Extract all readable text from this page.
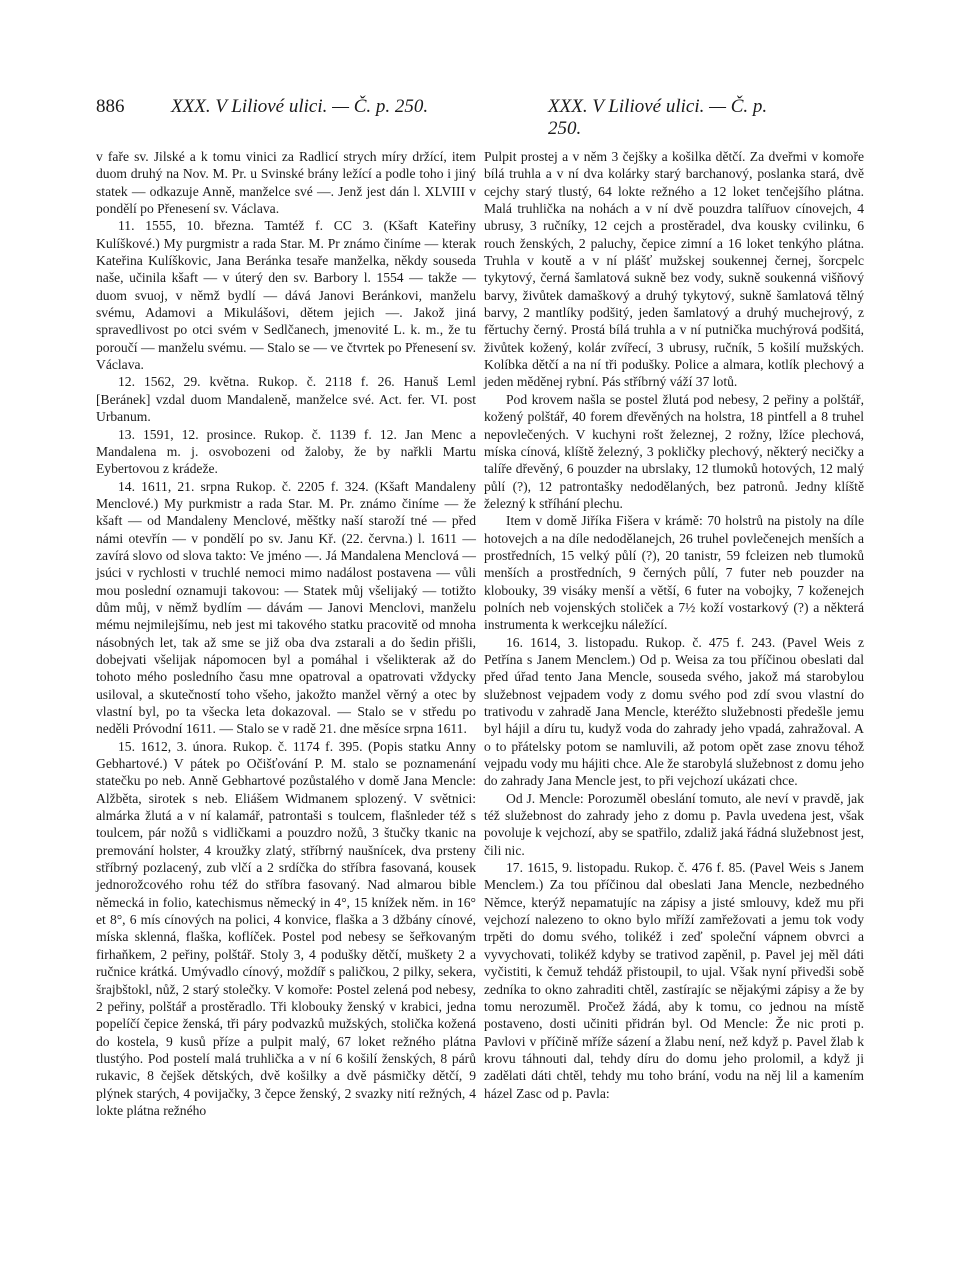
886 XXX. V Liliové ulici. — Č. p. 250.	XXX. V Liliové ulici. — Č. p. 250.

v faře sv. Jilské a k tomu vinici za Radlicí strych míry držící, item duom druhý na Nov. M. Pr. u Svinské brány ležící a podle toho i jiný statek — odkazuje Anně, manželce své —. Jenž jest dán l. XLVIII v pondělí po Přenesení sv. Václava.

11. 1555, 10. března. Tamtéž f. CC 3. (Kšaft Kateřiny Kulíškové.) My purgmistr a rada Star. M. Pr známo činíme — kterak Kateřina Kulíškovic, Jana Beránka tesaře manželka, někdy souseda naše, učinila kšaft — v úterý den sv. Barbory l. 1554 — takže — duom svuoj, v němž bydlí — dává Janovi Beránkovi, manželu svému, Adamovi a Mikulášovi, dětem jejich —. Jakož jiná spravedlivost po otci svém v Sedlčanech, jmenovité L. k. m., že tu poroučí — manželu svému. — Stalo se — ve čtvrtek po Přenesení sv. Václava.

12. 1562, 29. května. Rukop. č. 2118 f. 26. Hanuš Leml [Beránek] vzdal duom Mandaleně, manželce své. Act. fer. VI. post Urbanum.

13. 1591, 12. prosince. Rukop. č. 1139 f. 12. Jan Menc a Mandalena m. j. osvobozeni od žaloby, že by nařkli Martu Eybertovou z krádeže.

14. 1611, 21. srpna Rukop. č. 2205 f. 324. (Kšaft Mandaleny Menclové.) My purkmistr a rada Star. M. Pr. známo činíme — že kšaft — od Mandaleny Menclové, měštky naší staroží tné — před námi otevřín — v pondělí po sv. Janu Kř. (22. června.) l. 1611 — zavírá slovo od slova takto: Ve jméno —. Já Mandalena Menclová — jsúci v rychlosti v truchlé nemoci mimo nadálost postavena — vůli mou poslední oznamuji takovou: — Statek můj všelijaký — totižto dům můj, v němž bydlím — dávám — Janovi Menclovi, manželu mému nejmilejšímu, neb jest mi takového statku pracovitě od mnoha násobných let, tak až sme se již oba dva zstarali a do šedin přišli, dobejvati všelijak nápomocen byl a pomáhal i všelikterak až do tohoto mého posledního času mne opatroval a opatrovati vždycky usiloval, a skutečností toho všeho, jakožto manžel věrný a otec by vlastní byl, po ta všecka leta dokazoval. — Stalo se v středu po neděli Próvodní 1611. — Stalo se v radě 21. dne měsíce srpna 1611.

15. 1612, 3. února. Rukop. č. 1174 f. 395. (Popis statku Anny Gebhartové.) V pátek po Očišťování P. M. stalo se poznamenání statečku po neb. Anně Gebhartové pozůstalého v domě Jana Mencle: Alžběta, sirotek s neb. Eliášem Widmanem splozený. V světnici: almárka žlutá a v ní kalamář, patrontaši s toulcem, flašnleder též s toulcem, pár nožů s vidličkami a pouzdro nožů, 3 štučky tkanic na premování holster, 4 kroužky zlatý, stříbrný naušnícek, dva prsteny stříbrný pozlacený, zub vlčí a 2 srdíčka do stříbra fasovaná, kousek jednorožcového rohu též do stříbra fasovaný. Nad almarou bible německá in folio, katechismus německý in 4°, 15 knížek něm. in 16° et 8°, 6 mís cínových na polici, 4 konvice, flaška a 3 džbány cínové, míska sklenná, flaška, koflíček. Postel pod nebesy se šeřkovaným firhaňkem, 2 peřiny, polštář. Stoly 3, 4 podušky dětčí, muškety 2 a ručnice krátká. Umývadlo cínový, moždíř s paličkou, 2 pilky, sekera, šrajbštokl, nůž, 2 starý stolečky. V komoře: Postel zelená pod nebesy, 2 peřiny, polštář a prostěradlo. Tři klobouky ženský v krabici, jedna popelíčí čepice ženská, tři páry podvazků mužských, stolička kožená do kostela, 9 kusů příze a pulpit malý, 67 loket režného plátna tlustýho. Pod postelí malá truhlička a v ní 6 košilí ženských, 8 párů rukavic, 8 čejšek dětských, dvě košilky a dvě pásmičky dětčí, 9 plýnek starých, 4 povijačky, 3 čepce ženský, 2 svazky nití režných, 4 lokte plátna režného

Pulpit prostej a v něm 3 čejšky a košilka dětčí. Za dveřmi v komoře bílá truhla a v ní dva kolárky starý barchanový, poslanka stará, dvě cejchy starý tlustý, 64 lokte režného a 12 loket tenčejšího plátna. Malá truhlička na nohách a v ní dvě pouzdra talířuov cínovejch, 4 ubrusy, 3 ručníky, 12 cejch a prostěradel, dva kousky cvilinku, 6 rouch ženských, 2 paluchy, čepice zimní a 16 loket tenkýho plátna. Truhla v koutě a v ní plášť mužskej soukennej černej, šorcpelc tykytový, černá šamlatová sukně bez vody, sukně soukenná višňový barvy, živůtek damaškový a druhý tykytový, sukně šamlatová tělný barvy, 2 mantlíky podšitý, jeden šamlatový a druhý muchejrový, z fěrtuchy černý. Prostá bílá truhla a v ní putnička muchýrová podšitá, živůtek kožený, kolár zvířecí, 3 ubrusy, ručník, 5 košilí mužských. Kolíbka dětčí a na ní tři podušky. Police a almara, kotlík plechový a jeden měděnej rybní. Pás stříbrný váží 37 lotů.

Pod krovem našla se postel žlutá pod nebesy, 2 peřiny a polštář, kožený polštář, 40 forem dřevěných na holstra, 18 pintfell a 8 truhel nepovlečených. V kuchyni rošt železnej, 2 rožny, lžíce plechová, míska cínová, klíště železný, 3 pokličky plechový, některý necičky a talíře dřevěný, 6 pouzder na ubrslaky, 12 tlumoků hotových, 12 malý půlí (?), 12 patrontašky nedodělaných, bez patronů. Jedny klíště železný k stříhání plechu.

Item v domě Jiříka Fišera v krámě: 70 holstrů na pistoly na díle hotovejch a na díle nedodělanejch, 26 truhel povlečenejch menších a prostředních, 15 velký půlí (?), 20 tanistr, 59 fcleizen neb tlumoků menších a prostředních, 9 černých půlí, 7 futer neb pouzder na klobouky, 39 visáky menší a větší, 6 futer na vobojky, 7 koženejch polních neb vojenských stoliček a 7½ koží vostarkový (?) a některá instrumenta k werkcejku náležící.

16. 1614, 3. listopadu. Rukop. č. 475 f. 243. (Pavel Weis z Petřína s Janem Menclem.) Od p. Weisa za tou příčinou obeslati dal před úřad tento Jana Mencle, souseda svého, jakož má starobylou služebnost vejpadem vody z domu svého pod zdí svou vlastní do trativodu v zahradě Jana Mencle, kteréžto služebnosti předešle jemu byl hájil a díru tu, kudyž voda do zahrady jeho vpadá, zahražoval. A o to přátelsky potom se namluvili, až potom opět zase znovu téhož vejpadu vody mu hájiti chce. Ale že starobylá služebnost z domu jeho do zahrady Jana Mencle jest, to při vejchozí ukázati chce.

Od J. Mencle: Porozuměl obeslání tomuto, ale neví v pravdě, jak též služebnost do zahrady jeho z domu p. Pavla uvedena jest, však povoluje k vejchozí, aby se spatřilo, zdaliž jaká řádná služebnost jest, čili nic.

17. 1615, 9. listopadu. Rukop. č. 476 f. 85. (Pavel Weis s Janem Menclem.) Za tou příčinou dal obeslati Jana Mencle, nezbedného Němce, kterýž nepamatujíc na zápisy a jisté smlouvy, kdež mu při vejchozí nalezeno to okno bylo mříží zamřežovati a jemu tok vody trpěti do domu svého, tolikéž i zeď společní vápnem obvrci a vyvychovati, tolikéž kdyby se trativod zapěnil, p. Pavel jej měl dáti vyčistiti, k čemuž tehdáž přistoupil, to ujal. Však nyní přivedši sobě zedníka to okno zahraditi chtěl, zastírajíc se nějakými zápisy a že by tomu nerozuměl. Pročež žádá, aby k tomu, co jednou na místě postaveno, dosti učiniti přidrán byl. Od Mencle: Že nic proti p. Pavlovi v příčině mříže sázení a žlabu není, než když p. Pavel žlab k krovu táhnouti dal, tehdy díru do domu jeho prolomil, a když ji zadělati dáti chtěl, tehdy mu toho brání, vodu na něj lil a kamením házel Zasc od p. Pavla:
